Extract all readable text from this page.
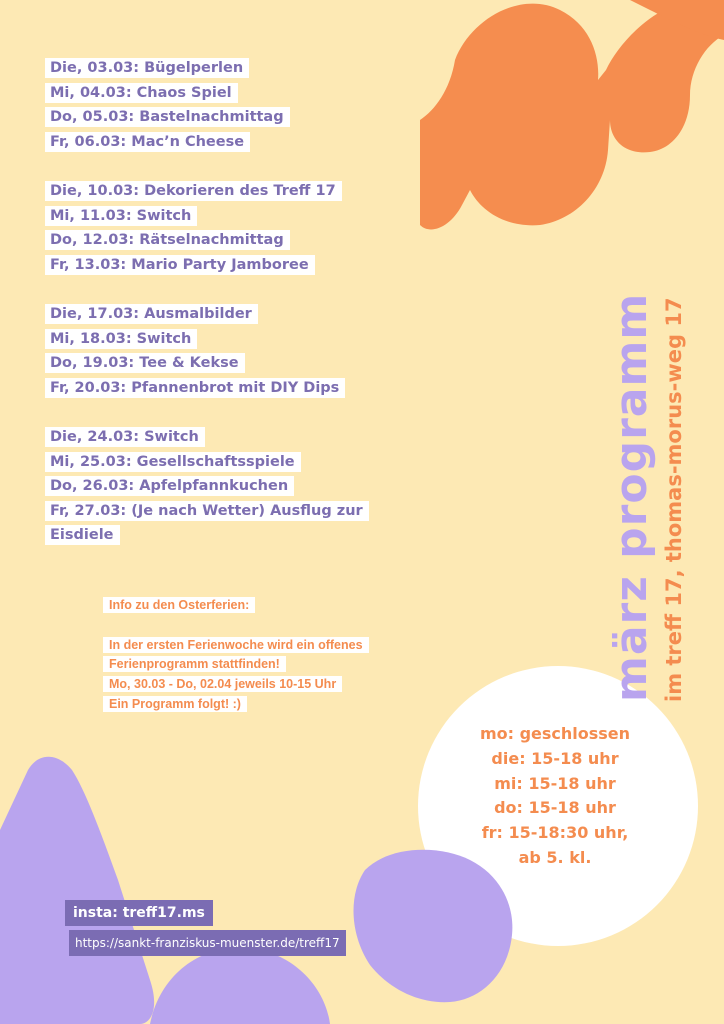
Die, 03.03: Bügelperlen
Mi, 04.03: Chaos Spiel
Do, 05.03: Bastelnachmittag
Fr, 06.03: Mac’n Cheese
Die, 10.03: Dekorieren des Treff 17
Mi, 11.03: Switch
Do, 12.03: Rätselnachmittag
Fr, 13.03: Mario Party Jamboree
Die, 17.03: Ausmalbilder
Mi, 18.03: Switch
Do, 19.03: Tee & Kekse
Fr, 20.03: Pfannenbrot mit DIY Dips
Die, 24.03: Switch
Mi, 25.03: Gesellschaftsspiele
Do, 26.03: Apfelpfannkuchen
Fr, 27.03: (Je nach Wetter) Ausflug zur Eisdiele
Info zu den Osterferien:
In der ersten Ferienwoche wird ein offenes
Ferienprogramm stattfinden!
Mo, 30.03 - Do, 02.04 jeweils 10-15 Uhr
Ein Programm folgt! :)
märz programm im treff 17, thomas-morus-weg 17
mo: geschlossen
die: 15-18 uhr
mi: 15-18 uhr
do: 15-18 uhr
fr: 15-18:30 uhr,
ab 5. kl.
insta: treff17.ms
https://sankt-franziskus-muenster.de/treff17
